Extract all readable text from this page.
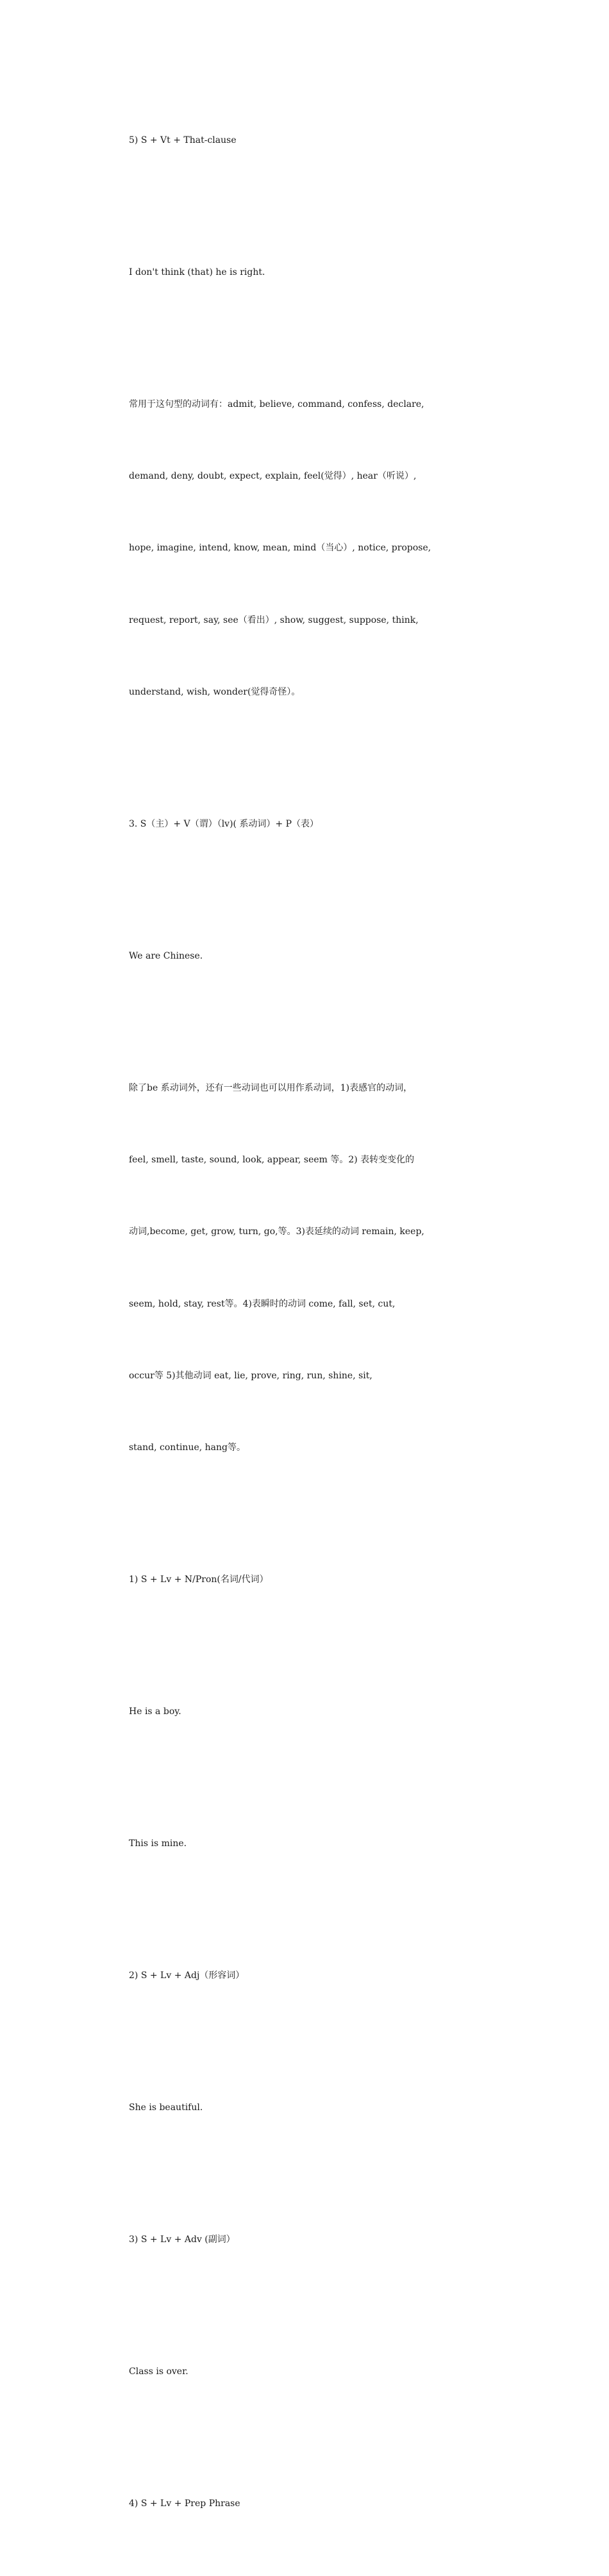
5) S + Vt + That-clause

I don't think (that) he is right.

常用于这句型的动词有：admit, believe, command, confess, declare,

demand, deny, doubt, expect, explain, feel(觉得）, hear（听说）,

hope, imagine, intend, know, mean, mind（当心）, notice, propose,

request, report, say, see（看出）, show, suggest, suppose, think,

understand, wish, wonder(觉得奇怪）。

3. S（主）+ V（谓）（lv)( 系动词）+ P（表）

We are Chinese.

除了be 系动词外，还有一些动词也可以用作系动词，1)表感官的动词，

feel, smell, taste, sound, look, appear, seem 等。2) 表转变变化的

动词,become, get, grow, turn, go,等。3)表延续的动词 remain, keep,

seem, hold, stay, rest等。4)表瞬时的动词 come, fall, set, cut,

occur等 5)其他动词 eat, lie, prove, ring, run, shine, sit,

stand, continue, hang等。

1) S + Lv + N/Pron(名词/代词）

He is a boy.

This is mine.

2) S + Lv + Adj（形容词）

She is beautiful.

3) S + Lv + Adv (副词）

Class is over.

4) S + Lv + Prep Phrase
